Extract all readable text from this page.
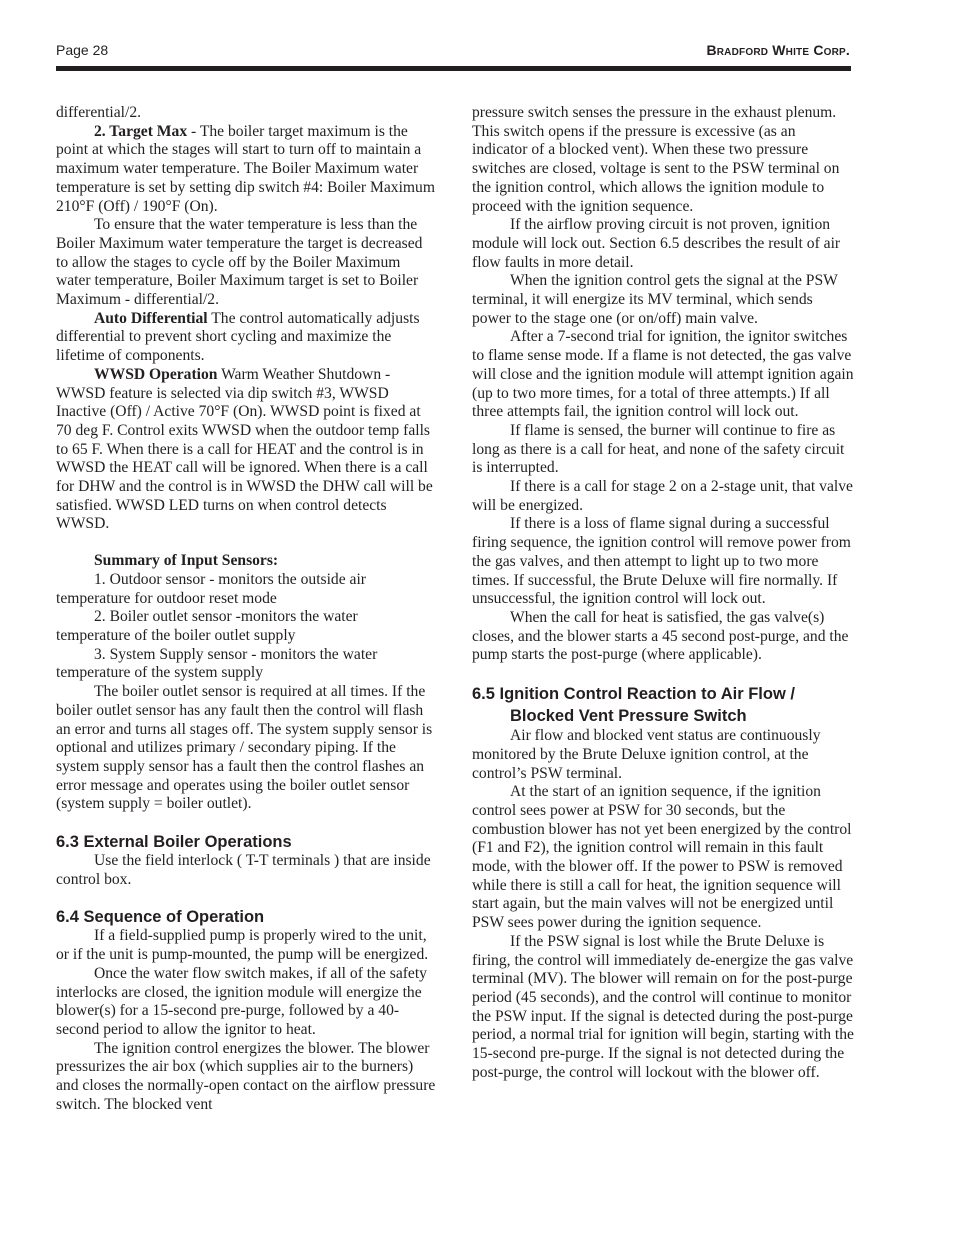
Page 28	Bradford White Corp.

differential/2.

2. Target Max - The boiler target maximum is the point at which the stages will start to turn off to maintain a maximum water temperature. The Boiler Maximum water temperature is set by setting dip switch #4: Boiler Maximum 210°F (Off) / 190°F (On).

To ensure that the water temperature is less than the Boiler Maximum water temperature the target is decreased to allow the stages to cycle off by the Boiler Maximum water temperature, Boiler Maximum target is set to Boiler Maximum - differential/2.

Auto Differential The control automatically adjusts differential to prevent short cycling and maximize the lifetime of components.

WWSD Operation Warm Weather Shutdown - WWSD feature is selected via dip switch #3, WWSD Inactive (Off) / Active 70°F (On). WWSD point is fixed at 70 deg F. Control exits WWSD when the outdoor temp falls to 65 F. When there is a call for HEAT and the control is in WWSD the HEAT call will be ignored. When there is a call for DHW and the control is in WWSD the DHW call will be satisfied. WWSD LED turns on when control detects WWSD.

Summary of Input Sensors:

1. Outdoor sensor - monitors the outside air temperature for outdoor reset mode

2. Boiler outlet sensor -monitors the water temperature of the boiler outlet supply

3. System Supply sensor - monitors the water temperature of the system supply

The boiler outlet sensor is required at all times. If the boiler outlet sensor has any fault then the control will flash an error and turns all stages off. The system supply sensor is optional and utilizes primary / secondary piping. If the system supply sensor has a fault then the control flashes an error message and operates using the boiler outlet sensor (system supply = boiler outlet).

6.3 External Boiler Operations

Use the field interlock ( T-T terminals ) that are inside control box.

6.4 Sequence of Operation

If a field-supplied pump is properly wired to the unit, or if the unit is pump-mounted, the pump will be energized.

Once the water flow switch makes, if all of the safety interlocks are closed, the ignition module will energize the blower(s) for a 15-second pre-purge, followed by a 40-second period to allow the ignitor to heat.

The ignition control energizes the blower. The blower pressurizes the air box (which supplies air to the burners) and closes the normally-open contact on the airflow pressure switch. The blocked vent

pressure switch senses the pressure in the exhaust plenum. This switch opens if the pressure is excessive (as an indicator of a blocked vent). When these two pressure switches are closed, voltage is sent to the PSW terminal on the ignition control, which allows the ignition module to proceed with the ignition sequence.

If the airflow proving circuit is not proven, ignition module will lock out. Section 6.5 describes the result of air flow faults in more detail.

When the ignition control gets the signal at the PSW terminal, it will energize its MV terminal, which sends power to the stage one (or on/off) main valve.

After a 7-second trial for ignition, the ignitor switches to flame sense mode. If a flame is not detected, the gas valve will close and the ignition module will attempt ignition again (up to two more times, for a total of three attempts.) If all three attempts fail, the ignition control will lock out.

If flame is sensed, the burner will continue to fire as long as there is a call for heat, and none of the safety circuit is interrupted.

If there is a call for stage 2 on a 2-stage unit, that valve will be energized.

If there is a loss of flame signal during a successful firing sequence, the ignition control will remove power from the gas valves, and then attempt to light up to two more times. If successful, the Brute Deluxe will fire normally. If unsuccessful, the ignition control will lock out.

When the call for heat is satisfied, the gas valve(s) closes, and the blower starts a 45 second post-purge, and the pump starts the post-purge (where applicable).

6.5 Ignition Control Reaction to Air Flow / Blocked Vent Pressure Switch

Air flow and blocked vent status are continuously monitored by the Brute Deluxe ignition control, at the control’s PSW terminal.

At the start of an ignition sequence, if the ignition control sees power at PSW for 30 seconds, but the combustion blower has not yet been energized by the control (F1 and F2), the ignition control will remain in this fault mode, with the blower off. If the power to PSW is removed while there is still a call for heat, the ignition sequence will start again, but the main valves will not be energized until PSW sees power during the ignition sequence.

If the PSW signal is lost while the Brute Deluxe is firing, the control will immediately de-energize the gas valve terminal (MV). The blower will remain on for the post-purge period (45 seconds), and the control will continue to monitor the PSW input. If the signal is detected during the post-purge period, a normal trial for ignition will begin, starting with the 15-second pre-purge. If the signal is not detected during the post-purge, the control will lockout with the blower off.
